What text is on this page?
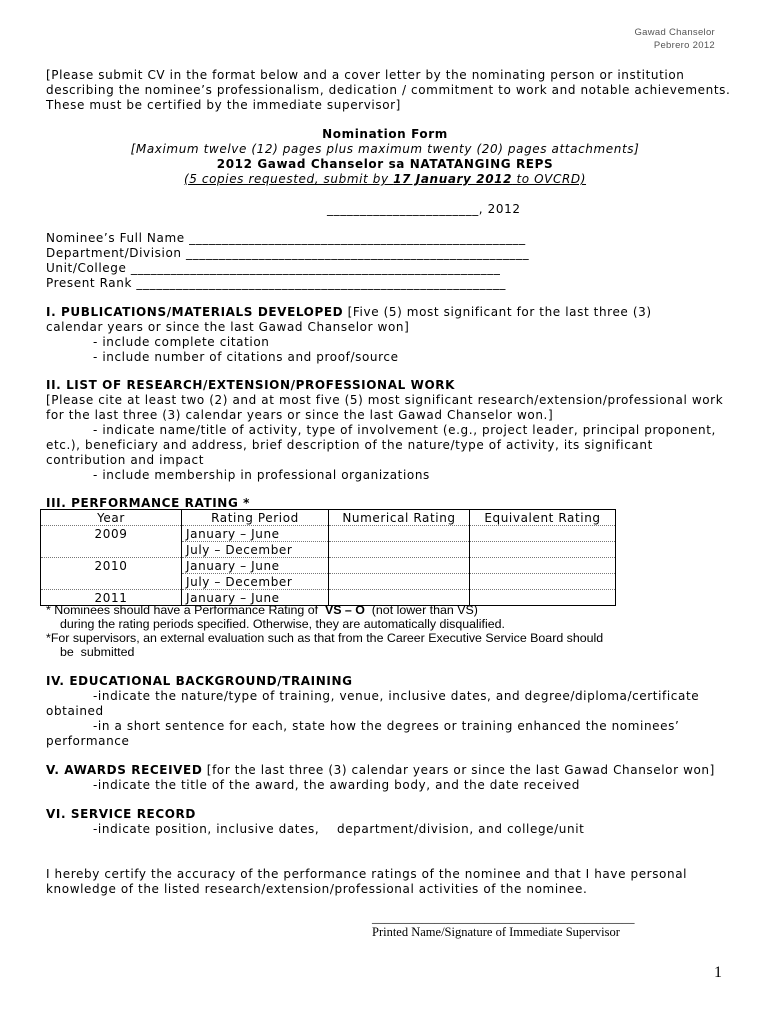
Gawad Chanselor
Pebrero 2012
[Please submit CV in the format below and a cover letter by the nominating person or institution
describing the nominee’s professionalism, dedication / commitment to work and notable achievements.
These must be certified by the immediate supervisor]
Nomination Form
[Maximum twelve (12) pages plus maximum twenty (20) pages attachments]
2012 Gawad Chanselor sa NATATANGING REPS
(5 copies requested, submit by 17 January 2012 to OVCRD)
_______________________, 2012
Nominee’s Full Name ___________________________________________________
Department/Division ____________________________________________________
Unit/College ________________________________________________________
Present Rank ________________________________________________________
I. PUBLICATIONS/MATERIALS DEVELOPED [Five (5) most significant for the last three (3)
calendar years or since the last Gawad Chanselor won]
- include complete citation
- include number of citations and proof/source
II. LIST OF RESEARCH/EXTENSION/PROFESSIONAL WORK
[Please cite at least two (2) and at most five (5) most significant research/extension/professional work
for the last three (3) calendar years or since the last Gawad Chanselor won.]
- indicate name/title of activity, type of involvement (e.g., project leader, principal proponent,
etc.), beneficiary and address, brief description of the nature/type of activity, its significant
contribution and impact
- include membership in professional organizations
III. PERFORMANCE RATING *
Year	Rating Period	Numerical Rating	Equivalent Rating
2009	January – June		
	July – December		
2010	January – June		
	July – December		
2011	January – June		
* Nominees should have a Performance Rating of  VS – O  (not lower than VS)
during the rating periods specified. Otherwise, they are automatically disqualified.
*For supervisors, an external evaluation such as that from the Career Executive Service Board should
be  submitted
IV. EDUCATIONAL BACKGROUND/TRAINING
-indicate the nature/type of training, venue, inclusive dates, and degree/diploma/certificate
obtained
-in a short sentence for each, state how the degrees or training enhanced the nominees’
performance
V. AWARDS RECEIVED [for the last three (3) calendar years or since the last Gawad Chanselor won]
-indicate the title of the award, the awarding body, and the date received
VI. SERVICE RECORD
-indicate position, inclusive dates,    department/division, and college/unit
I hereby certify the accuracy of the performance ratings of the nominee and that I have personal
knowledge of the listed research/extension/professional activities of the nominee.
__________________________________________
Printed Name/Signature of Immediate Supervisor
1
